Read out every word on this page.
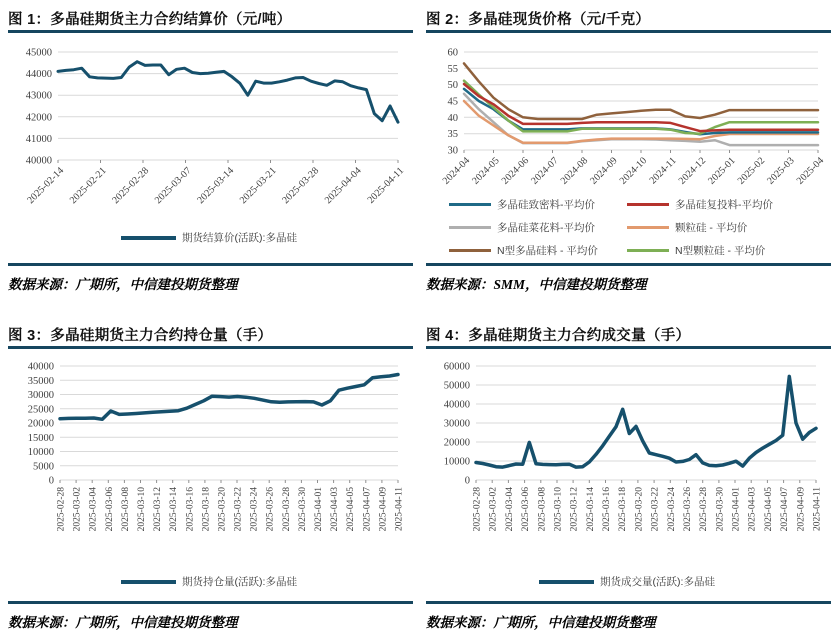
图 1：多晶硅期货主力合约结算价（元/吨）
40000
41000
42000
43000
44000
45000
2025-02-14 2025-02-21 2025-02-28 2025-03-07 2025-03-14 2025-03-21 2025-03-28 2025-04-04 2025-04-11
期货结算价(活跃):多晶硅
数据来源：广期所，中信建投期货整理
图 2：多晶硅现货价格（元/千克）
30
35
40
45
50
55
60
2024-04
2024-05
2024-06
2024-07
2024-08
2024-09
2024-10
2024-11
2024-12
2025-01
2025-02
2025-03
2025-04
多晶硅致密料-平均价	多晶硅复投料-平均价
多晶硅菜花料-平均价	颗粒硅 - 平均价
N型多晶硅料 - 平均价	N型颗粒硅 - 平均价
数据来源：SMM，中信建投期货整理
图 3：多晶硅期货主力合约持仓量（手）
0
5000
10000
15000
20000
25000
30000
35000
40000
2025-02-28 2025-03-02 2025-03-04 2025-03-06 2025-03-08 2025-03-10 2025-03-12 2025-03-14 2025-03-16 2025-03-18 2025-03-20 2025-03-22 2025-03-24 2025-03-26 2025-03-28 2025-03-30 2025-04-01 2025-04-03 2025-04-05 2025-04-07 2025-04-09 2025-04-11
期货持仓量(活跃):多晶硅
数据来源：广期所，中信建投期货整理
图 4：多晶硅期货主力合约成交量（手）
0
10000
20000
30000
40000
50000
60000
2025-02-28 2025-03-02 2025-03-04 2025-03-06 2025-03-08 2025-03-10 2025-03-12 2025-03-14 2025-03-16 2025-03-18 2025-03-20 2025-03-22 2025-03-24 2025-03-26 2025-03-28 2025-03-30 2025-04-01 2025-04-03 2025-04-05 2025-04-07 2025-04-09 2025-04-11
期货成交量(活跃):多晶硅
数据来源：广期所，中信建投期货整理
